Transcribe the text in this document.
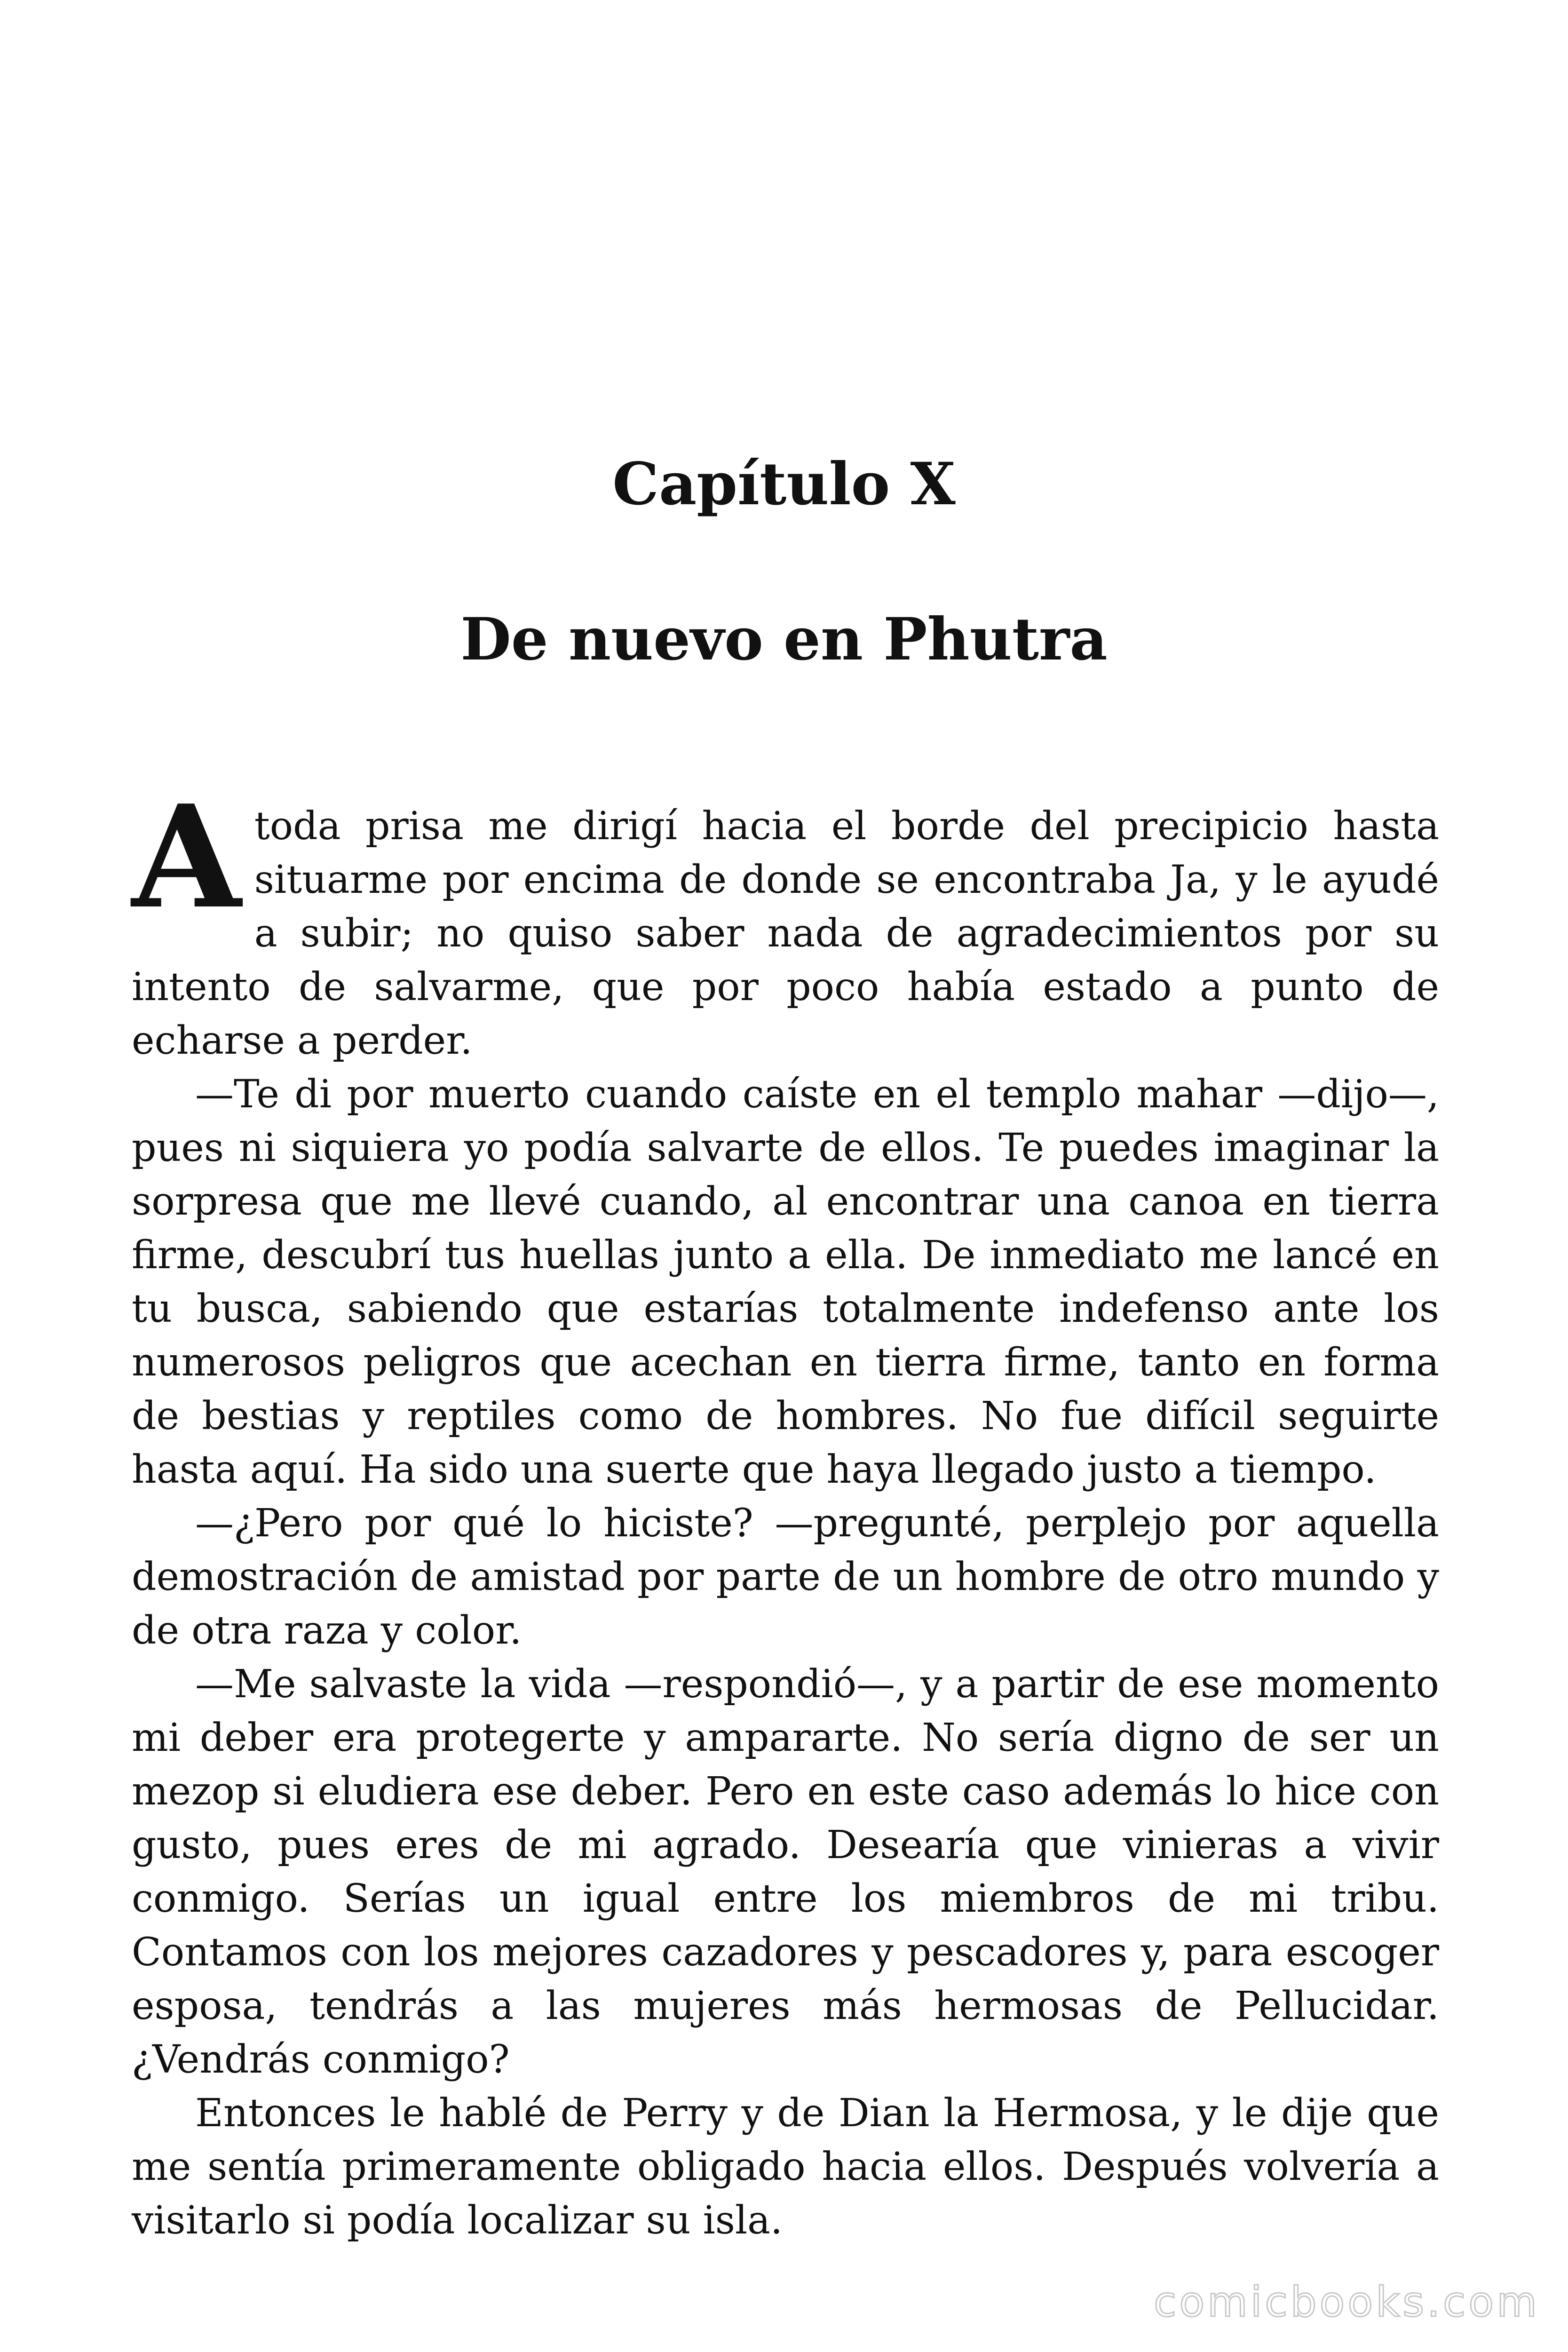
Capítulo X
De nuevo en Phutra

A toda prisa me dirigí hacia el borde del precipicio hasta situarme por encima de donde se encontraba Ja, y le ayudé a subir; no quiso saber nada de agradecimientos por su intento de salvarme, que por poco había estado a punto de echarse a perder.

—Te di por muerto cuando caíste en el templo mahar —dijo—, pues ni siquiera yo podía salvarte de ellos. Te puedes imaginar la sorpresa que me llevé cuando, al encontrar una canoa en tierra firme, descubrí tus huellas junto a ella. De inmediato me lancé en tu busca, sabiendo que estarías totalmente indefenso ante los numerosos peligros que acechan en tierra firme, tanto en forma de bestias y reptiles como de hombres. No fue difícil seguirte hasta aquí. Ha sido una suerte que haya llegado justo a tiempo.

—¿Pero por qué lo hiciste? —pregunté, perplejo por aquella demostración de amistad por parte de un hombre de otro mundo y de otra raza y color.

—Me salvaste la vida —respondió—, y a partir de ese momento mi deber era protegerte y ampararte. No sería digno de ser un mezop si eludiera ese deber. Pero en este caso además lo hice con gusto, pues eres de mi agrado. Desearía que vinieras a vivir conmigo. Serías un igual entre los miembros de mi tribu. Contamos con los mejores cazadores y pescadores y, para escoger esposa, tendrás a las mujeres más hermosas de Pellucidar. ¿Vendrás conmigo?

Entonces le hablé de Perry y de Dian la Hermosa, y le dije que me sentía primeramente obligado hacia ellos. Después volvería a visitarlo si podía localizar su isla.

comicbooks.com
